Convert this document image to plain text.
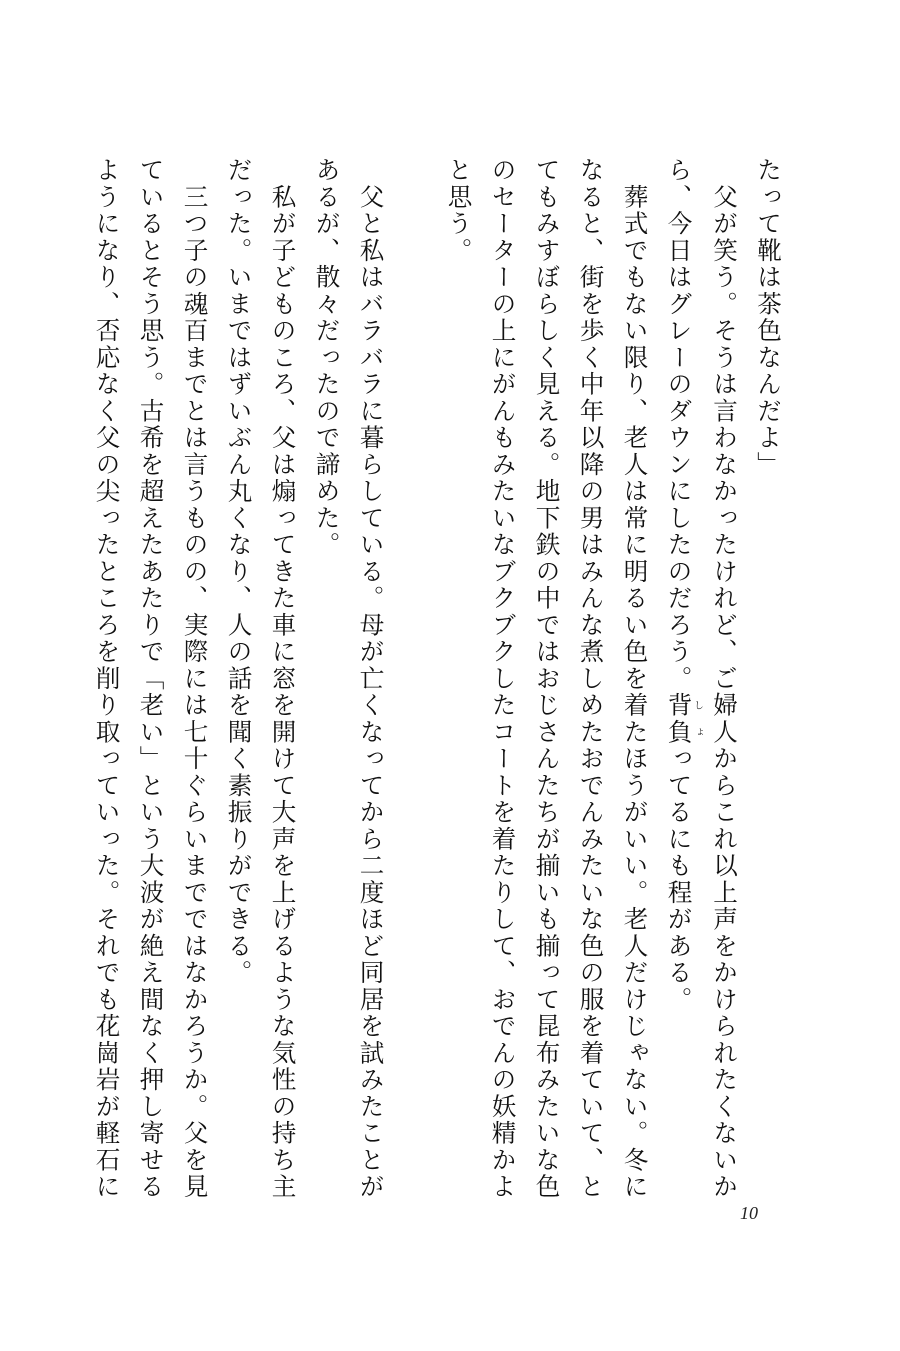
たって靴は茶色なんだよ」
　父が笑う。そうは言わなかったけれど、ご婦人からこれ以上声をかけられたくないか
ら、今日はグレーのダウンにしたのだろう。背負しょってるにも程がある。
　葬式でもない限り、老人は常に明るい色を着たほうがいい。老人だけじゃない。冬に
なると、街を歩く中年以降の男はみんな煮しめたおでんみたいな色の服を着ていて、と
てもみすぼらしく見える。地下鉄の中ではおじさんたちが揃いも揃って昆布みたいな色
のセーターの上にがんもみたいなブクブクしたコートを着たりして、おでんの妖精かよ
と思う。

　父と私はバラバラに暮らしている。母が亡くなってから二度ほど同居を試みたことが
あるが、散々だったので諦めた。
　私が子どものころ、父は煽ってきた車に窓を開けて大声を上げるような気性の持ち主
だった。いまではずいぶん丸くなり、人の話を聞く素振りができる。
　三つ子の魂百までとは言うものの、実際には七十ぐらいまでではなかろうか。父を見
ているとそう思う。古希を超えたあたりで「老い」という大波が絶え間なく押し寄せる
ようになり、否応なく父の尖ったところを削り取っていった。それでも花崗岩が軽石に
10
